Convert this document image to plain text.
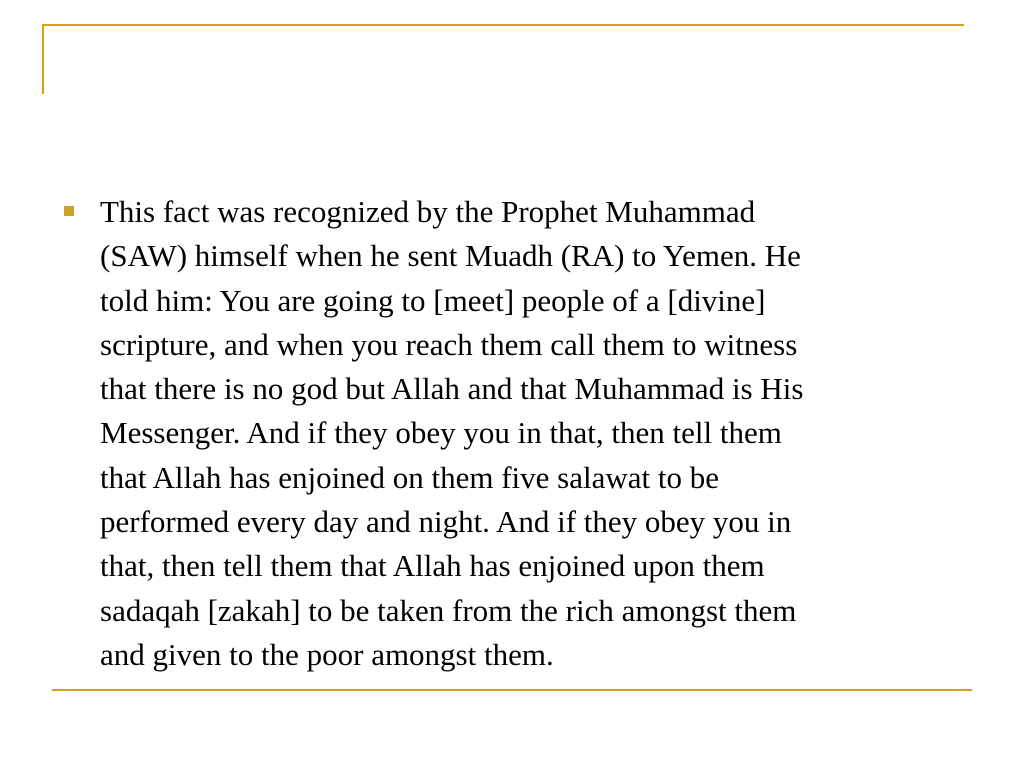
This fact was recognized by the Prophet Muhammad
(SAW) himself when he sent Muadh (RA) to Yemen. He
told him: You are going to [meet] people of a [divine]
scripture, and when you reach them call them to witness
that there is no god but Allah and that Muhammad is His
Messenger. And if they obey you in that, then tell them
that Allah has enjoined on them five salawat to be
performed every day and night. And if they obey you in
that, then tell them that Allah has enjoined upon them
sadaqah [zakah] to be taken from the rich amongst them
and given to the poor amongst them.
